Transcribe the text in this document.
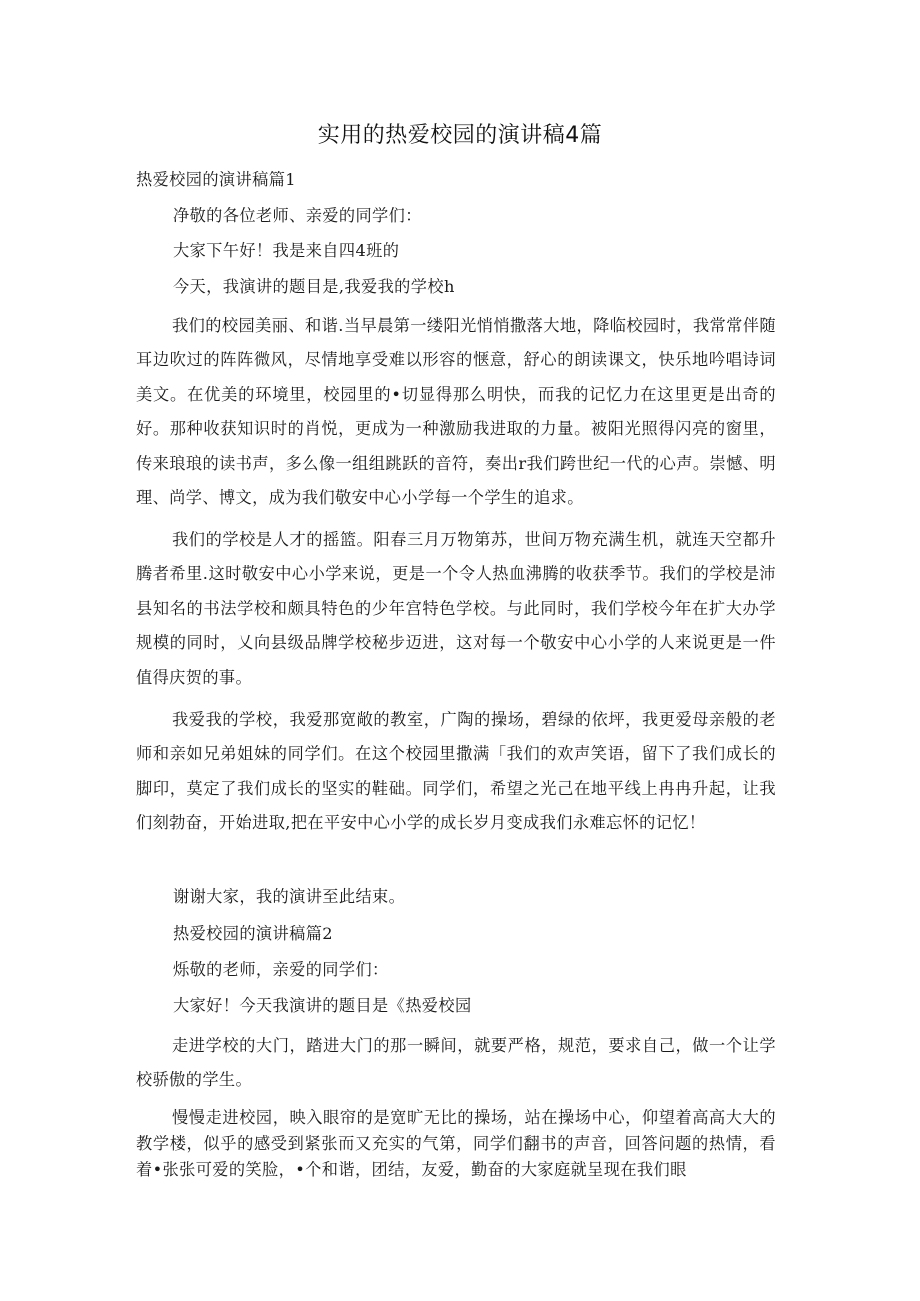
实用的热爱校园的演讲稿4篇
热爱校园的演讲稿篇1
净敬的各位老师、亲爱的同学们：
大家下午好！我是来自四4班的
今天，我演讲的题目是,我爱我的学校h
我们的校园美丽、和谐.当早晨第一缕阳光悄悄撒落大地，降临校园时，我常常伴随耳边吹过的阵阵微风，尽情地享受难以形容的惬意，舒心的朗读课文，快乐地吟唱诗词美文。在优美的环境里，校园里的•切显得那么明快，而我的记忆力在这里更是出奇的好。那种收获知识时的肖悦，更成为一种激励我进取的力量。被阳光照得闪亮的窗里，传来琅琅的读书声，多么像一组组跳跃的音符，奏出r我们跨世纪一代的心声。崇憾、明理、尚学、博文，成为我们敬安中心小学每一个学生的追求。
我们的学校是人才的摇篮。阳春三月万物第苏，世间万物充满生机，就连天空都升腾者希里.这时敬安中心小学来说，更是一个令人热血沸腾的收获季节。我们的学校是沛县知名的书法学校和颇具特色的少年宫特色学校。与此同时，我们学校今年在扩大办学规模的同时，乂向县级品牌学校秘步迈进，这对每一个敬安中心小学的人来说更是一件值得庆贺的事。
我爱我的学校，我爱那宽敞的教室，广陶的操场，碧绿的依坪，我更爱母亲般的老师和亲如兄弟姐妹的同学们。在这个校园里撒满「我们的欢声笑语，留下了我们成长的脚印，莫定了我们成长的坚实的鞋础。同学们，希望之光己在地平线上冉冉升起，让我们刻勃奋，开始进取,把在平安中心小学的成长岁月变成我们永难忘怀的记忆！
谢谢大家，我的演讲至此结束。
热爱校园的演讲稿篇2
烁敬的老师，亲爱的同学们：
大家好！今天我演讲的题目是《热爱校园
走进学校的大门，踏进大门的那一瞬间，就要严格，规范，要求自己，做一个让学校骄傲的学生。
慢慢走进校园，映入眼帘的是宽旷无比的操场，站在操场中心，仰望着高高大大的教学楼，似乎的感受到紧张而又充实的气第，同学们翻书的声音，回答问题的热情，看着•张张可爱的笑脸，•个和谐，团结，友爱，勤奋的大家庭就呈现在我们眼
